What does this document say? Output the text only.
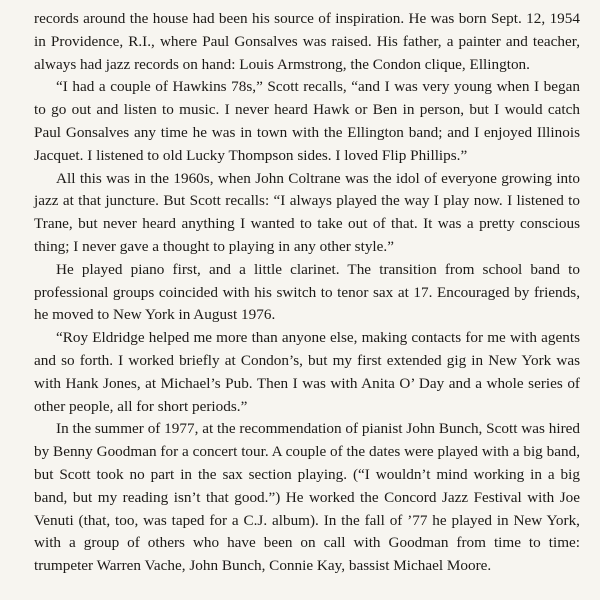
records around the house had been his source of inspiration. He was born Sept. 12, 1954 in Providence, R.I., where Paul Gonsalves was raised. His father, a painter and teacher, always had jazz records on hand: Louis Armstrong, the Condon clique, Ellington.

“I had a couple of Hawkins 78s,” Scott recalls, “and I was very young when I began to go out and listen to music. I never heard Hawk or Ben in person, but I would catch Paul Gonsalves any time he was in town with the Ellington band; and I enjoyed Illinois Jacquet. I listened to old Lucky Thompson sides. I loved Flip Phillips.”

All this was in the 1960s, when John Coltrane was the idol of everyone growing into jazz at that juncture. But Scott recalls: “I always played the way I play now. I listened to Trane, but never heard anything I wanted to take out of that. It was a pretty conscious thing; I never gave a thought to playing in any other style.”

He played piano first, and a little clarinet. The transition from school band to professional groups coincided with his switch to tenor sax at 17. Encouraged by friends, he moved to New York in August 1976.

“Roy Eldridge helped me more than anyone else, making contacts for me with agents and so forth. I worked briefly at Condon’s, but my first extended gig in New York was with Hank Jones, at Michael’s Pub. Then I was with Anita O’ Day and a whole series of other people, all for short periods.”

In the summer of 1977, at the recommendation of pianist John Bunch, Scott was hired by Benny Goodman for a concert tour. A couple of the dates were played with a big band, but Scott took no part in the sax section playing. (“I wouldn’t mind working in a big band, but my reading isn’t that good.”) He worked the Concord Jazz Festival with Joe Venuti (that, too, was taped for a C.J. album). In the fall of ’77 he played in New York, with a group of others who have been on call with Goodman from time to time: trumpeter Warren Vache, John Bunch, Connie Kay, bassist Michael Moore.
